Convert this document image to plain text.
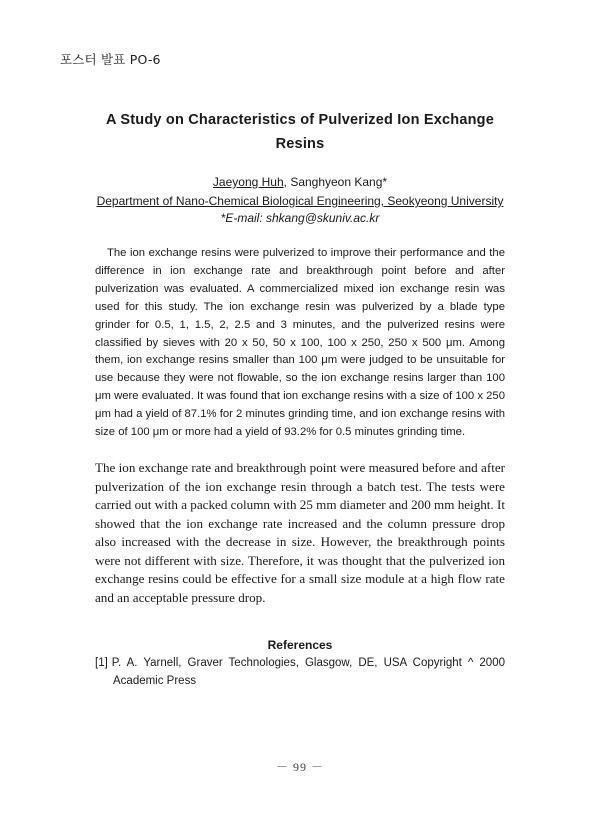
포스터 발표 PO-6
A Study on Characteristics of Pulverized Ion Exchange Resins
Jaeyong Huh, Sanghyeon Kang*
Department of Nano-Chemical Biological Engineering, Seokyeong University
*E-mail: shkang@skuniv.ac.kr
The ion exchange resins were pulverized to improve their performance and the difference in ion exchange rate and breakthrough point before and after pulverization was evaluated. A commercialized mixed ion exchange resin was used for this study. The ion exchange resin was pulverized by a blade type grinder for 0.5, 1, 1.5, 2, 2.5 and 3 minutes, and the pulverized resins were classified by sieves with 20 x 50, 50 x 100, 100 x 250, 250 x 500 μm. Among them, ion exchange resins smaller than 100 μm were judged to be unsuitable for use because they were not flowable, so the ion exchange resins larger than 100 μm were evaluated. It was found that ion exchange resins with a size of 100 x 250 μm had a yield of 87.1% for 2 minutes grinding time, and ion exchange resins with size of 100 μm or more had a yield of 93.2% for 0.5 minutes grinding time.
The ion exchange rate and breakthrough point were measured before and after pulverization of the ion exchange resin through a batch test. The tests were carried out with a packed column with 25 mm diameter and 200 mm height. It showed that the ion exchange rate increased and the column pressure drop also increased with the decrease in size. However, the breakthrough points were not different with size. Therefore, it was thought that the pulverized ion exchange resins could be effective for a small size module at a high flow rate and an acceptable pressure drop.
References
[1] P. A. Yarnell, Graver Technologies, Glasgow, DE, USA Copyright ^ 2000 Academic Press
－ 99 －
